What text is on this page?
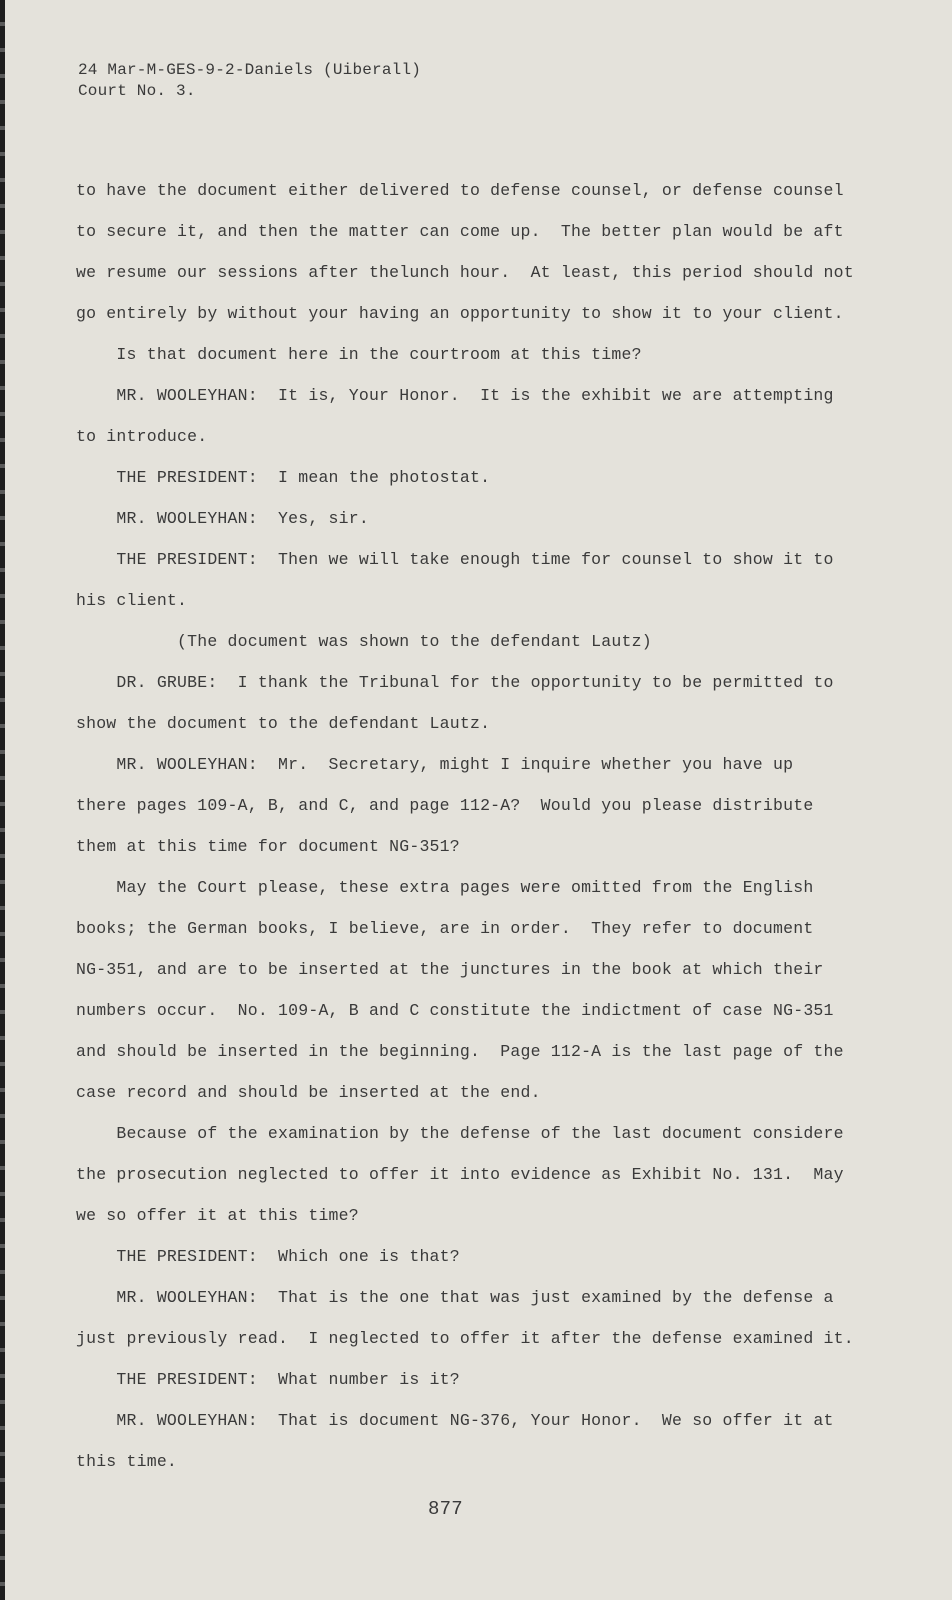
24 Mar-M-GES-9-2-Daniels (Uiberall)
Court No. 3.
to have the document either delivered to defense counsel, or defense counsel
to secure it, and then the matter can come up.  The better plan would be aft
we resume our sessions after thelunch hour.  At least, this period should not
go entirely by without your having an opportunity to show it to your client.
Is that document here in the courtroom at this time?
MR. WOOLEYHAN:  It is, Your Honor.  It is the exhibit we are attempting
to introduce.
THE PRESIDENT:  I mean the photostat.
MR. WOOLEYHAN:  Yes, sir.
THE PRESIDENT:  Then we will take enough time for counsel to show it to
his client.
(The document was shown to the defendant Lautz)
DR. GRUBE:  I thank the Tribunal for the opportunity to be permitted to
show the document to the defendant Lautz.
MR. WOOLEYHAN:  Mr.  Secretary, might I inquire whether you have up
there pages 109-A, B, and C, and page 112-A?  Would you please distribute
them at this time for document NG-351?
May the Court please, these extra pages were omitted from the English
books; the German books, I believe, are in order.  They refer to document
NG-351, and are to be inserted at the junctures in the book at which their
numbers occur.  No. 109-A, B and C constitute the indictment of case NG-351
and should be inserted in the beginning.  Page 112-A is the last page of the
case record and should be inserted at the end.
Because of the examination by the defense of the last document considere
the prosecution neglected to offer it into evidence as Exhibit No. 131.  May
we so offer it at this time?
THE PRESIDENT:  Which one is that?
MR. WOOLEYHAN:  That is the one that was just examined by the defense a
just previously read.  I neglected to offer it after the defense examined it.
THE PRESIDENT:  What number is it?
MR. WOOLEYHAN:  That is document NG-376, Your Honor.  We so offer it at
this time.
877
